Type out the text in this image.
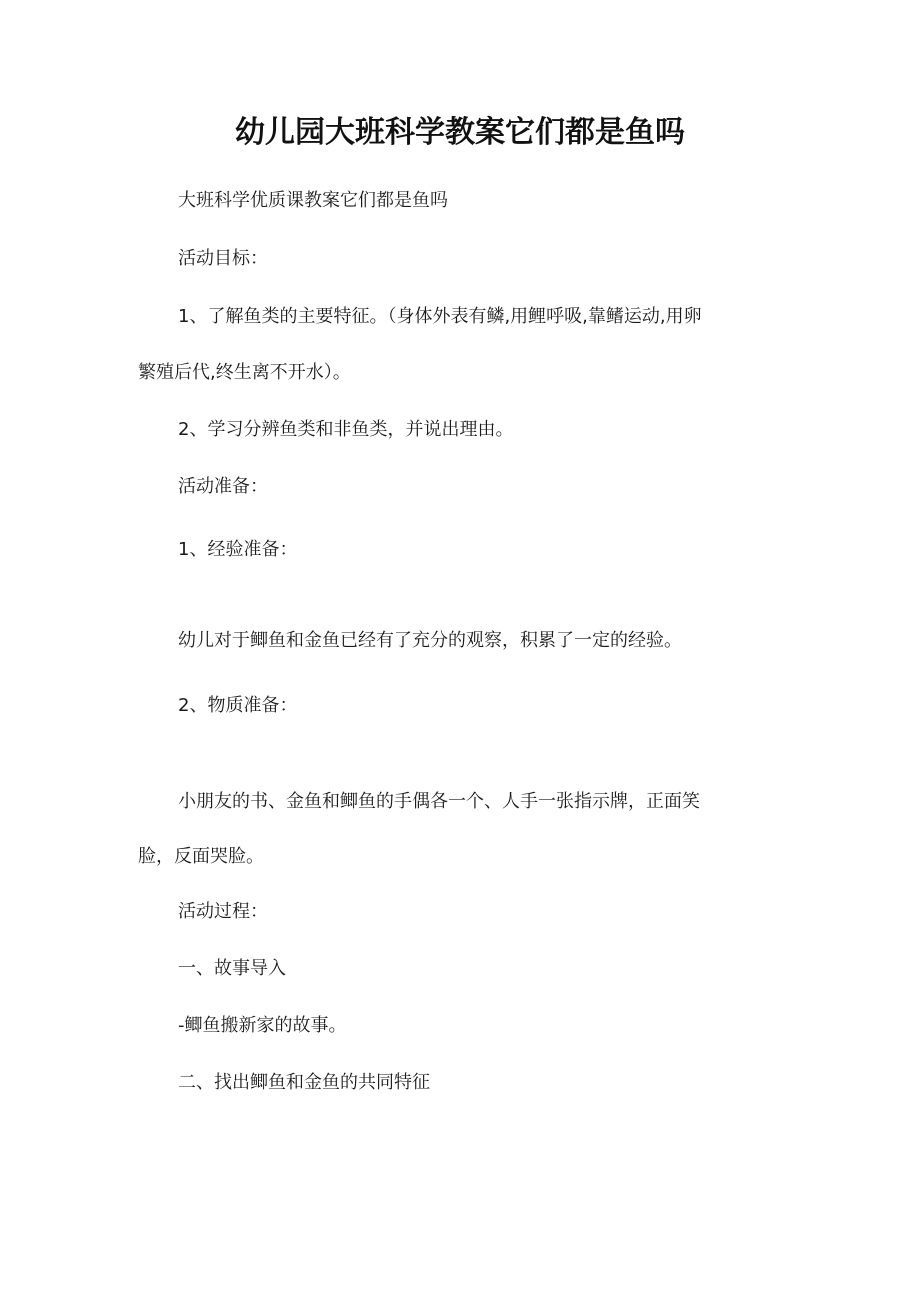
幼儿园大班科学教案它们都是鱼吗

大班科学优质课教案它们都是鱼吗

活动目标：

1、了解鱼类的主要特征。（身体外表有鳞,用鲤呼吸,靠鳍运动,用卵

繁殖后代,终生离不开水）。

2、学习分辨鱼类和非鱼类，并说出理由。

活动准备：

1、经验准备：

幼儿对于鲫鱼和金鱼已经有了充分的观察，积累了一定的经验。

2、物质准备：

小朋友的书、金鱼和鲫鱼的手偶各一个、人手一张指示牌，正面笑

脸，反面哭脸。

活动过程：

一、故事导入

-鲫鱼搬新家的故事。

二、找出鲫鱼和金鱼的共同特征
